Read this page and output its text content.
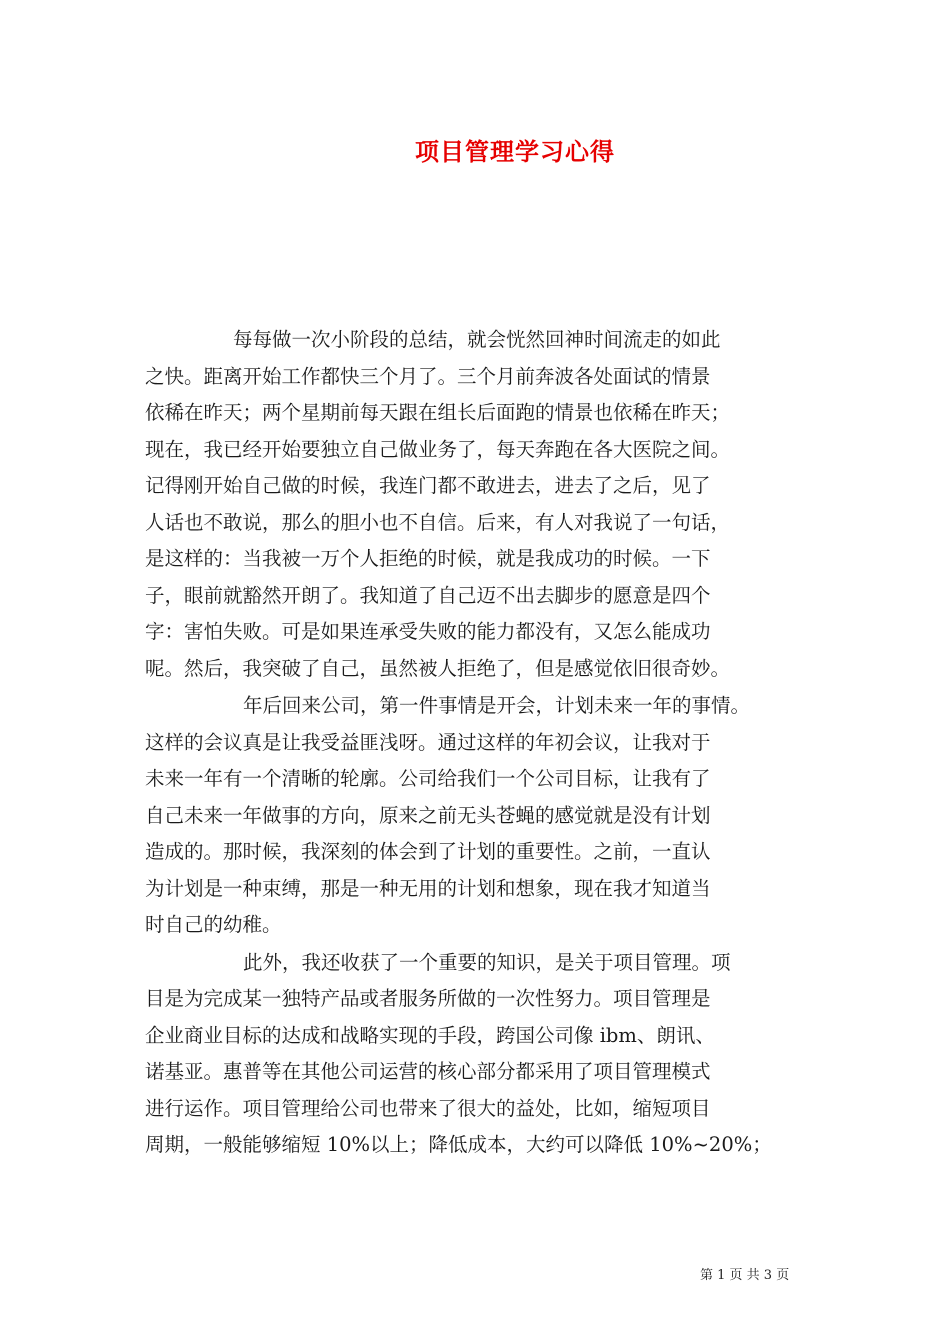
项目管理学习心得
每每做一次小阶段的总结，就会恍然回神时间流走的如此
之快。距离开始工作都快三个月了。三个月前奔波各处面试的情景
依稀在昨天；两个星期前每天跟在组长后面跑的情景也依稀在昨天；
现在，我已经开始要独立自己做业务了，每天奔跑在各大医院之间。
记得刚开始自己做的时候，我连门都不敢进去，进去了之后，见了
人话也不敢说，那么的胆小也不自信。后来，有人对我说了一句话，
是这样的：当我被一万个人拒绝的时候，就是我成功的时候。一下
子，眼前就豁然开朗了。我知道了自己迈不出去脚步的愿意是四个
字：害怕失败。可是如果连承受失败的能力都没有，又怎么能成功
呢。然后，我突破了自己，虽然被人拒绝了，但是感觉依旧很奇妙。
年后回来公司，第一件事情是开会，计划未来一年的事情。
这样的会议真是让我受益匪浅呀。通过这样的年初会议，让我对于
未来一年有一个清晰的轮廓。公司给我们一个公司目标，让我有了
自己未来一年做事的方向，原来之前无头苍蝇的感觉就是没有计划
造成的。那时候，我深刻的体会到了计划的重要性。之前，一直认
为计划是一种束缚，那是一种无用的计划和想象，现在我才知道当
时自己的幼稚。
此外，我还收获了一个重要的知识，是关于项目管理。项
目是为完成某一独特产品或者服务所做的一次性努力。项目管理是
企业商业目标的达成和战略实现的手段，跨国公司像 ibm、朗讯、
诺基亚。惠普等在其他公司运营的核心部分都采用了项目管理模式
进行运作。项目管理给公司也带来了很大的益处，比如，缩短项目
周期，一般能够缩短 10%以上；降低成本，大约可以降低 10%~20%；
第 1 页 共 3 页
